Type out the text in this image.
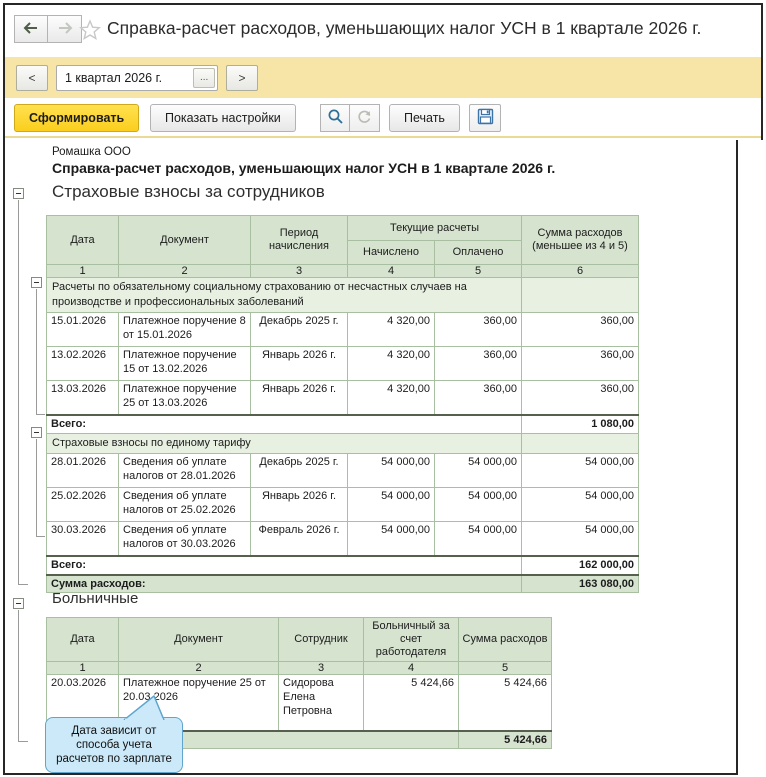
Справка-расчет расходов, уменьшающих налог УСН в 1 квартале 2026 г.
<	1 квартал 2026 г.	...	>
Сформировать	Показать настройки	Печать
Ромашка ООО
Справка-расчет расходов, уменьшающих налог УСН в 1 квартале 2026 г.
Страховые взносы за сотрудников
Дата	Документ	Период начисления	Текущие расчеты		Сумма расходов (меньшее из 4 и 5)
			Начислено	Оплачено	
1	2	3	4	5	6
Расчеты по обязательному социальному страхованию от несчастных случаев на производстве и профессиональных заболеваний					
15.01.2026	Платежное поручение 8 от 15.01.2026	Декабрь 2025 г.	4 320,00	360,00	360,00
13.02.2026	Платежное поручение 15 от 13.02.2026	Январь 2026 г.	4 320,00	360,00	360,00
13.03.2026	Платежное поручение 25 от 13.03.2026	Январь 2026 г.	4 320,00	360,00	360,00
Всего:					1 080,00
Страховые взносы по единому тарифу					
28.01.2026	Сведения об уплате налогов от 28.01.2026	Декабрь 2025 г.	54 000,00	54 000,00	54 000,00
25.02.2026	Сведения об уплате налогов от 25.02.2026	Январь 2026 г.	54 000,00	54 000,00	54 000,00
30.03.2026	Сведения об уплате налогов от 30.03.2026	Февраль 2026 г.	54 000,00	54 000,00	54 000,00
Всего:					162 000,00
Сумма расходов:					163 080,00
Больничные
Дата	Документ	Сотрудник	Больничный за счет работодателя	Сумма расходов
1	2	3	4	5
20.03.2026	Платежное поручение 25 от 20.03.2026	Сидорова Елена Петровна	5 424,66	5 424,66
				5 424,66
Дата зависит от способа учета расчетов по зарплате
